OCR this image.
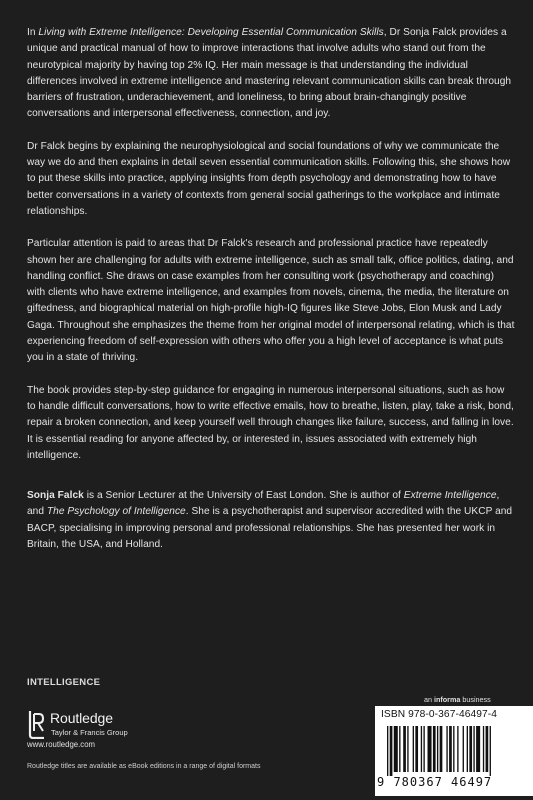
In Living with Extreme Intelligence: Developing Essential Communication Skills, Dr Sonja Falck provides a unique and practical manual of how to improve interactions that involve adults who stand out from the neurotypical majority by having top 2% IQ. Her main message is that understanding the individual differences involved in extreme intelligence and mastering relevant communication skills can break through barriers of frustration, underachievement, and loneliness, to bring about brain-changingly positive conversations and interpersonal effectiveness, connection, and joy.

Dr Falck begins by explaining the neurophysiological and social foundations of why we communicate the way we do and then explains in detail seven essential communication skills. Following this, she shows how to put these skills into practice, applying insights from depth psychology and demonstrating how to have better conversations in a variety of contexts from general social gatherings to the workplace and intimate relationships.

Particular attention is paid to areas that Dr Falck's research and professional practice have repeatedly shown her are challenging for adults with extreme intelligence, such as small talk, office politics, dating, and handling conflict. She draws on case examples from her consulting work (psychotherapy and coaching) with clients who have extreme intelligence, and examples from novels, cinema, the media, the literature on giftedness, and biographical material on high-profile high-IQ figures like Steve Jobs, Elon Musk and Lady Gaga. Throughout she emphasizes the theme from her original model of interpersonal relating, which is that experiencing freedom of self-expression with others who offer you a high level of acceptance is what puts you in a state of thriving.

The book provides step-by-step guidance for engaging in numerous interpersonal situations, such as how to handle difficult conversations, how to write effective emails, how to breathe, listen, play, take a risk, bond, repair a broken connection, and keep yourself well through changes like failure, success, and falling in love. It is essential reading for anyone affected by, or interested in, issues associated with extremely high intelligence.

Sonja Falck is a Senior Lecturer at the University of East London. She is author of Extreme Intelligence, and The Psychology of Intelligence. She is a psychotherapist and supervisor accredited with the UKCP and BACP, specialising in improving personal and professional relationships. She has presented her work in Britain, the USA, and Holland.

INTELLIGENCE
Routledge
Taylor & Francis Group
www.routledge.com
Routledge titles are available as eBook editions in a range of digital formats
an informa business
ISBN 978-0-367-46497-4
9 780367 46497
